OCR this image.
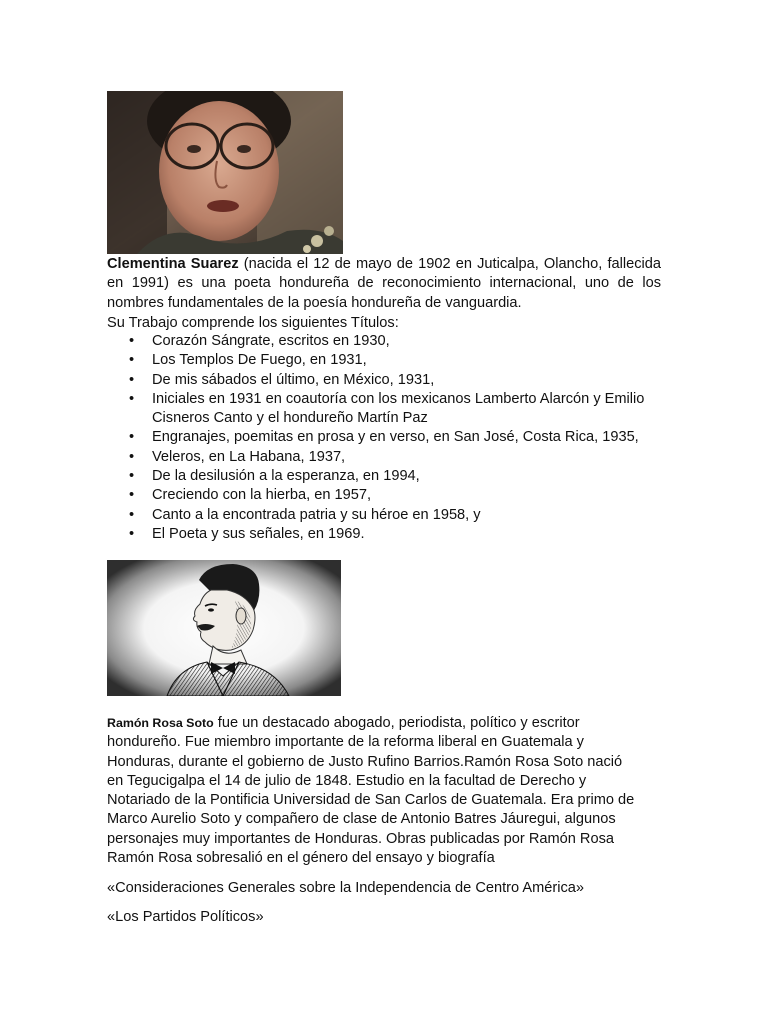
Clementina Suarez (nacida el 12 de mayo de 1902 en Juticalpa, Olancho, fallecida en 1991) es una poeta hondureña de reconocimiento internacional, uno de los nombres fundamentales de la poesía hondureña de vanguardia.

Su Trabajo comprende los siguientes Títulos:

• Corazón Sángrate, escritos en 1930,
• Los Templos De Fuego, en 1931,
• De mis sábados el último, en México, 1931,
• Iniciales en 1931 en coautoría con los mexicanos Lamberto Alarcón y Emilio Cisneros Canto y el hondureño Martín Paz
• Engranajes, poemitas en prosa y en verso, en San José, Costa Rica, 1935,
• Veleros, en La Habana, 1937,
• De la desilusión a la esperanza, en 1994,
• Creciendo con la hierba, en 1957,
• Canto a la encontrada patria y su héroe en 1958, y
• El Poeta y sus señales, en 1969.

Ramón Rosa Soto fue un destacado abogado, periodista, político y escritor hondureño. Fue miembro importante de la reforma liberal en Guatemala y Honduras, durante el gobierno de Justo Rufino Barrios.Ramón Rosa Soto nació en Tegucigalpa el 14 de julio de 1848. Estudio en la facultad de Derecho y Notariado de la Pontificia Universidad de San Carlos de Guatemala. Era primo de Marco Aurelio Soto y compañero de clase de Antonio Batres Jáuregui, algunos personajes muy importantes de Honduras. Obras publicadas por Ramón Rosa Ramón Rosa sobresalió en el género del ensayo y biografía

«Consideraciones Generales sobre la Independencia de Centro América»

«Los Partidos Políticos»
